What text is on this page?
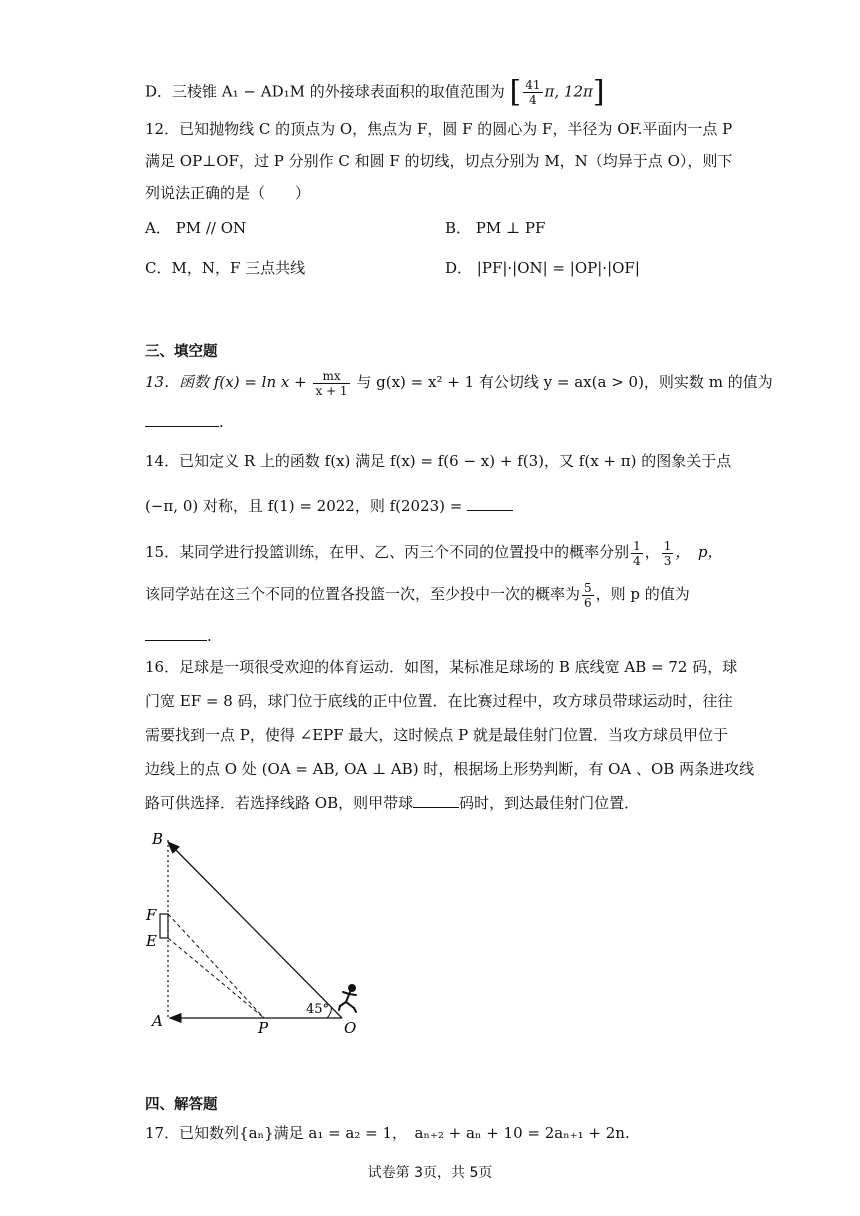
D．三棱锥 A₁ − AD₁M 的外接球表面积的取值范围为 [ $\frac{41}{4} \pi$, 12π]
12．已知抛物线 C 的顶点为 O，焦点为 F，圆 F 的圆心为 F，半径为 OF.平面内一点 P
满足 OP⊥OF，过 P 分别作 C 和圆 F 的切线，切点分别为 M，N（均异于点 O），则下
列说法正确的是（　　）
A． PM // ON	B． PM ⊥ PF
C．M，N，F 三点共线	D． |PF|·|ON| = |OP|·|OF|
三、填空题
13．函数 $f(x) = \ln x + \frac{mx}{x + 1}$ 与 g(x) = x² + 1 有公切线 y = ax(a > 0)，则实数 m 的值为
.
14．已知定义 R 上的函数 f(x) 满足 f(x) = f(6 − x) + f(3)，又 f(x + π) 的图象关于点
(−π, 0) 对称，且 f(1) = 2022，则 f(2023) =
15．某同学进行投篮训练，在甲、乙、丙三个不同的位置投中的概率分别 $\frac{1}{4}$ ， $\frac{1}{3}$ ，　p，
该同学站在这三个不同的位置各投篮一次，至少投中一次的概率为 $\frac{5}{6}$ ，则 p 的值为
.
16．足球是一项很受欢迎的体育运动．如图，某标准足球场的 B 底线宽 AB = 72 码，球
门宽 EF = 8 码，球门位于底线的正中位置．在比赛过程中，攻方球员带球运动时，往往
需要找到一点 P，使得 ∠EPF 最大，这时候点 P 就是最佳射门位置．当攻方球员甲位于
边线上的点 O 处 (OA = AB, OA ⊥ AB) 时，根据场上形势判断，有 OA 、OB 两条进攻线
路可供选择．若选择线路 OB，则甲带球	码时，到达最佳射门位置．
45°
B
F
E
A	P	O
四、解答题
17．已知数列{aₙ}满足 a₁ = a₂ = 1，　aₙ₊₂ + aₙ + 10 = 2aₙ₊₁ + 2n.
试卷第 3页，共 5页
